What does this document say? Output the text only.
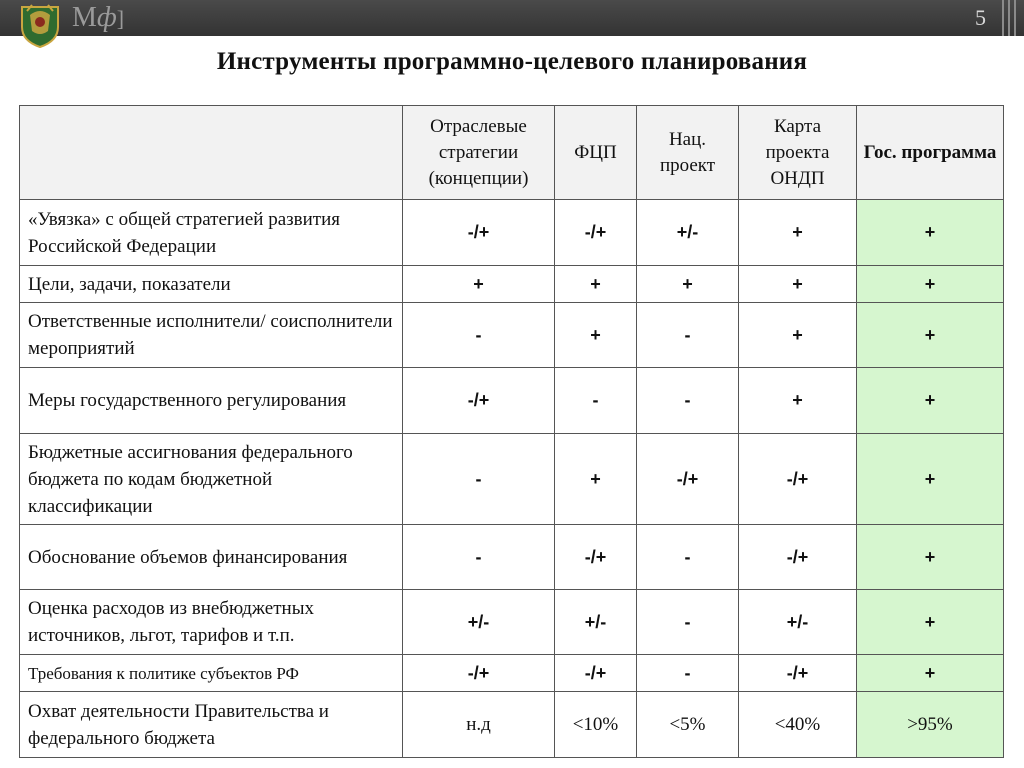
Мф]	5
Инструменты программно-целевого планирования
	Отраслевые стратегии (концепции)	ФЦП	Нац. проект	Карта проекта ОНДП	Гос. программа
«Увязка» с общей стратегией развития Российской Федерации	-/+	-/+	+/-	+	+
Цели, задачи, показатели	+	+	+	+	+
Ответственные исполнители/ соисполнители мероприятий	-	+	-	+	+
Меры государственного регулирования	-/+	-	-	+	+
Бюджетные ассигнования федерального бюджета по кодам бюджетной классификации	-	+	-/+	-/+	+
Обоснование объемов финансирования	-	-/+	-	-/+	+
Оценка расходов из внебюджетных источников, льгот, тарифов и т.п.	+/-	+/-	-	+/-	+
Требования к политике субъектов РФ	-/+	-/+	-	-/+	+
Охват деятельности Правительства и федерального бюджета	н.д	<10%	<5%	<40%	>95%
